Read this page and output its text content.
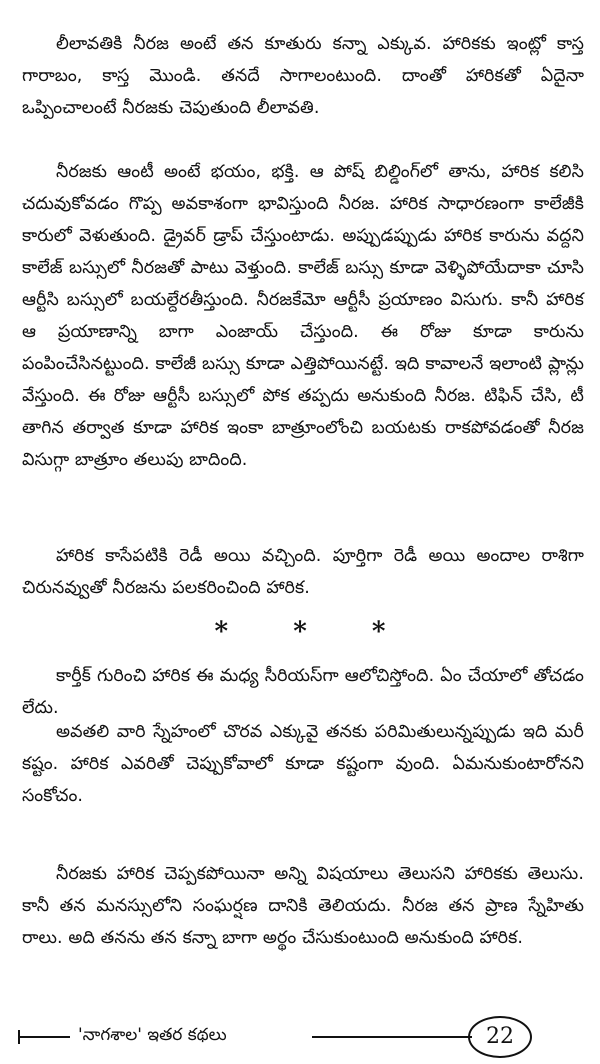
లీలావతికి నీరజ అంటే తన కూతురు కన్నా ఎక్కువ. హారికకు ఇంట్లో కాస్త గారాబం, కాస్త మొండి. తనదే సాగాలంటుంది. దాంతో హారికతో ఏదైనా ఒప్పించాలంటే నీరజకు చెపుతుంది లీలావతి.

నీరజకు ఆంటీ అంటే భయం, భక్తి. ఆ పోష్ బిల్డింగ్‌లో తాను, హారిక కలిసి చదువుకోవడం గొప్ప అవకాశంగా భావిస్తుంది నీరజ. హారిక సాధారణంగా కాలేజీకి కారులో వెళుతుంది. డ్రైవర్ డ్రాప్ చేస్తుంటాడు. అప్పుడప్పుడు హారిక కారును వద్దని కాలేజ్ బస్సులో నీరజతో పాటు వెళ్తుంది. కాలేజ్ బస్సు కూడా వెళ్ళిపోయేదాకా చూసి ఆర్టీసి బస్సులో బయల్దేరతీస్తుంది. నీరజకేమో ఆర్టీసీ ప్రయాణం విసుగు. కానీ హారిక ఆ ప్రయాణాన్ని బాగా ఎంజాయ్ చేస్తుంది. ఈ రోజు కూడా కారును పంపించేసినట్టుంది. కాలేజీ బస్సు కూడా ఎత్తిపోయినట్టే. ఇది కావాలనే ఇలాంటి ప్లాన్లు వేస్తుంది. ఈ రోజు ఆర్టీసీ బస్సులో పోక తప్పదు అనుకుంది నీరజ. టిఫిన్ చేసి, టీ తాగిన తర్వాత కూడా హారిక ఇంకా బాత్రూంలోంచి బయటకు రాకపోవడంతో నీరజ విసుగ్గా బాత్రూం తలుపు బాదింది.

హారిక కాసేపటికి రెడీ అయి వచ్చింది. పూర్తిగా రెడీ అయి అందాల రాశిగా చిరునవ్వుతో నీరజను పలకరించింది హారిక.

*	*	*

కార్తీక్ గురించి హారిక ఈ మధ్య సీరియస్‌గా ఆలోచిస్తోంది. ఏం చేయాలో తోచడం లేదు.

అవతలి వారి స్నేహంలో చొరవ ఎక్కువై తనకు పరిమితులున్నప్పుడు ఇది మరీ కష్టం. హారిక ఎవరితో చెప్పుకోవాలో కూడా కష్టంగా వుంది. ఏమనుకుంటారోనని సంకోచం.

నీరజకు హారిక చెప్పకపోయినా అన్ని విషయాలు తెలుసని హారికకు తెలుసు. కానీ తన మనస్సులోని సంఘర్షణ దానికి తెలియదు. నీరజ తన ప్రాణ స్నేహితు రాలు. అది తనను తన కన్నా బాగా అర్థం చేసుకుంటుంది అనుకుంది హారిక.

'నాగశాల' ఇతర కథలు	22
